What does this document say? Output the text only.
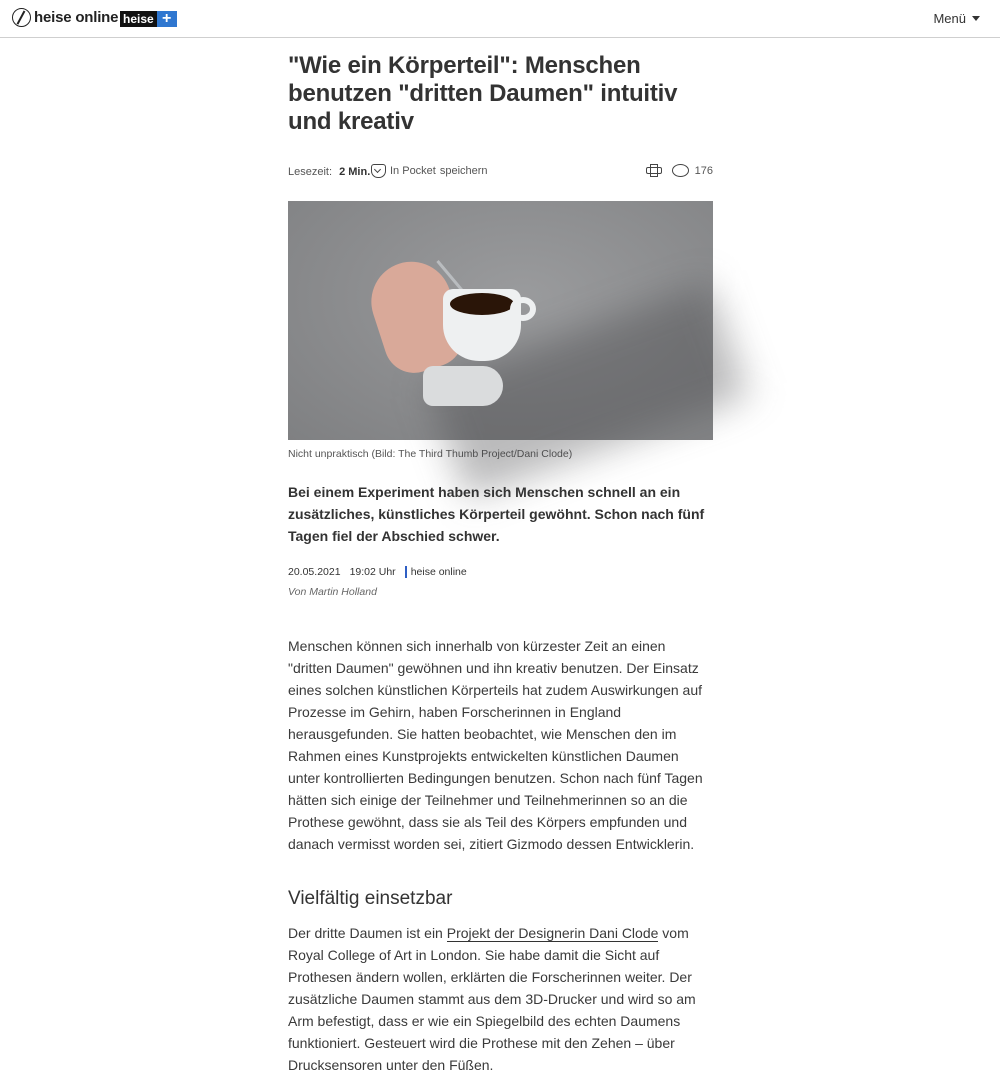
heise online heise +	Menü
"Wie ein Körperteil": Menschen benutzen "dritten Daumen" intuitiv und kreativ
Lesezeit: 2 Min. In Pocket speichern	176
Nicht unpraktisch (Bild: The Third Thumb Project/Dani Clode)

Bei einem Experiment haben sich Menschen schnell an ein zusätzliches, künstliches Körperteil gewöhnt. Schon nach fünf Tagen fiel der Abschied schwer.

20.05.2021 19:02 Uhr	heise online
Von Martin Holland

Menschen können sich innerhalb von kürzester Zeit an einen "dritten Daumen" gewöhnen und ihn kreativ benutzen. Der Einsatz eines solchen künstlichen Körperteils hat zudem Auswirkungen auf Prozesse im Gehirn, haben Forscherinnen in England herausgefunden. Sie hatten beobachtet, wie Menschen den im Rahmen eines Kunstprojekts entwickelten künstlichen Daumen unter kontrollierten Bedingungen benutzen. Schon nach fünf Tagen hätten sich einige der Teilnehmer und Teilnehmerinnen so an die Prothese gewöhnt, dass sie als Teil des Körpers empfunden und danach vermisst worden sei, zitiert Gizmodo dessen Entwicklerin.

Vielfältig einsetzbar

Der dritte Daumen ist ein Projekt der Designerin Dani Clode vom Royal College of Art in London. Sie habe damit die Sicht auf Prothesen ändern wollen, erklärten die Forscherinnen weiter. Der zusätzliche Daumen stammt aus dem 3D-Drucker und wird so am Arm befestigt, dass er wie ein Spiegelbild des echten Daumens funktioniert. Gesteuert wird die Prothese mit den Zehen – über Drucksensoren unter den Füßen.
